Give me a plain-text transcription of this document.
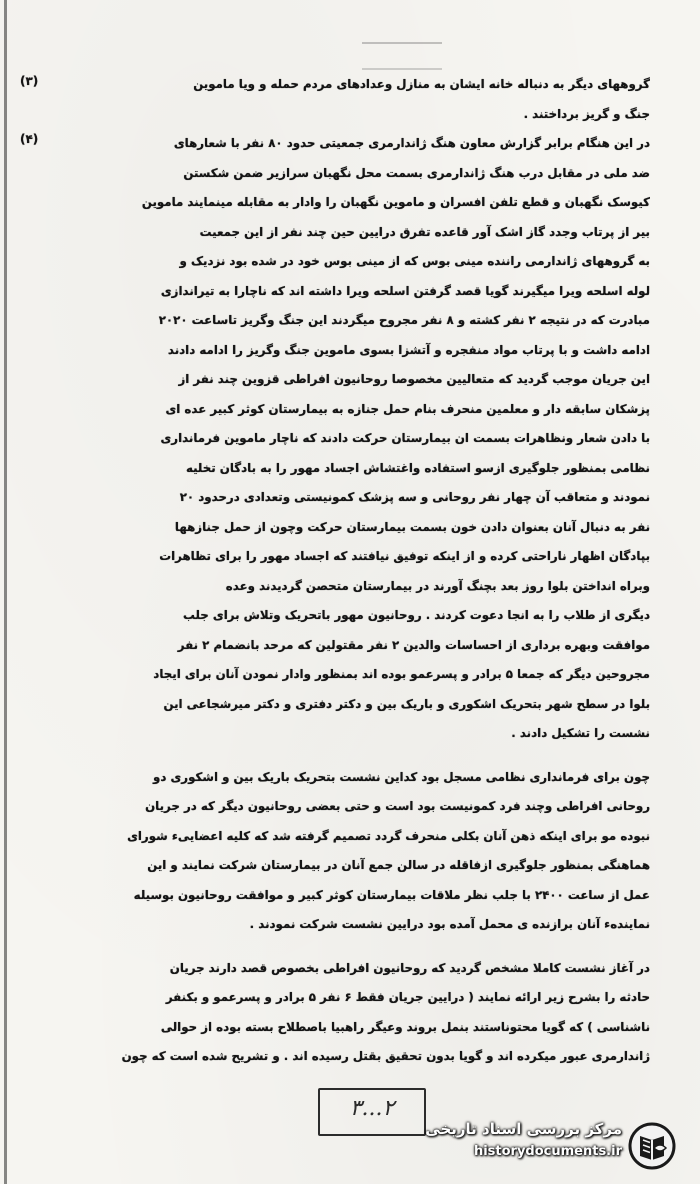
(۳)
(۴)
گروههای دیگر به دنباله خانه ایشان به منازل وعدادهای مردم حمله و ویا ماموین
جنگ و گریز برداختند .
در این هنگام برابر گزارش معاون هنگ ژاندارمری جمعیتی حدود ۸۰ نفر با شعارهای
ضد ملی در مقابل درب هنگ ژاندارمری بسمت محل نگهبان سرازیر ضمن شکستن
کیوسک نگهبان و قطع تلفن افسران و ماموین نگهبان را وادار به مقابله مینمایند ماموین
بیر از پرتاب وجدد گاز اشک آور قاعده تفرق درایین حین چند نفر از این جمعیت
به گروههای ژاندارمی راننده مینی بوس که از مینی بوس خود در شده بود نزدیک و
لوله اسلحه ویرا میگیرند گویا قصد گرفتن اسلحه ویرا داشته اند که ناچارا به تیراندازی
مبادرت که در نتیجه ۲ نفر کشته و ۸ نفر مجروح میگردند این جنگ وگریز تاساعت ۲۰۲۰
ادامه داشت و با پرتاب مواد منفجره و آتشزا بسوی ماموین جنگ وگریز را ادامه دادند
این جریان موجب گردید که متعالیین مخصوصا روحانیون افراطی قزوین چند نفر از
پزشکان سابقه دار و معلمین منحرف بنام حمل جنازه به بیمارستان کوثر کبیر عده ای
با دادن شعار ونظاهرات بسمت ان بیمارستان حرکت دادند که ناچار ماموین فرمانداری
نظامی بمنظور جلوگیری ازسو استفاده واغتشاش اجساد مهور را به بادگان تخلیه
نمودند و متعاقب آن چهار نفر روحانی و سه پزشک کمونیستی وتعدادی درحدود ۲۰
نفر به دنبال آنان بعنوان دادن خون بسمت بیمارستان حرکت وچون از حمل جنازهها
بپادگان اظهار ناراحتی کرده و از اینکه توفیق نیافتند که اجساد مهور را برای تظاهرات
وبراه انداختن بلوا روز بعد بچنگ آورند در بیمارستان متحصن گردیدند وعده
دیگری از طلاب را به انجا دعوت کردند . روحانیون مهور باتحریک وتلاش برای جلب
موافقت وبهره برداری از احساسات والدین ۲ نفر مقتولین که مرحد بانضمام ۲ نفر
مجروحین دیگر که جمعا ۵ برادر و پسرعمو بوده اند بمنظور وادار نمودن آنان برای ایجاد
بلوا در سطح شهر بتحریک اشکوری و باریک بین و دکتر دفتری و دکتر میرشجاعی این
نشست را تشکیل دادند .
چون برای فرمانداری نظامی مسجل بود کداین نشست بتحریک باریک بین و اشکوری دو
روحانی افراطی وچند فرد کمونیست بود است و حتی بعضی روحانیون دیگر که در جریان
نبوده مو برای اینکه ذهن آنان بکلی منحرف گردد تصمیم گرفته شد که کلیه اعضاییء شورای
هماهنگی بمنظور جلوگیری ازفاقله در سالن جمع آنان در بیمارستان شرکت نمایند و این
عمل از ساعت ۲۴۰۰ با جلب نظر ملاقات بیمارستان کوثر کبیر و موافقت روحانیون بوسیله
نمایندهء آنان برازنده ی محمل آمده بود درایین نشست شرکت نمودند .
در آغاز نشست کاملا مشخص گردید که روحانیون افراطی بخصوص قصد دارند جریان
حادثه را بشرح زیر ارائه نمایند ( درایین جریان فقط ۶ نفر ۵ برادر و پسرعمو و بکنفر
ناشناسی ) که گویا محتوناستند بنمل بروند وعیگر راهبیا باصطلاح بسته بوده از حوالی
ژاندارمری عبور میکرده اند و گویا بدون تحقیق بقتل رسیده اند . و تشریح شده است که چون
۳...۲
مرکز بررسی اسناد تاریخی
historydocuments.ir
